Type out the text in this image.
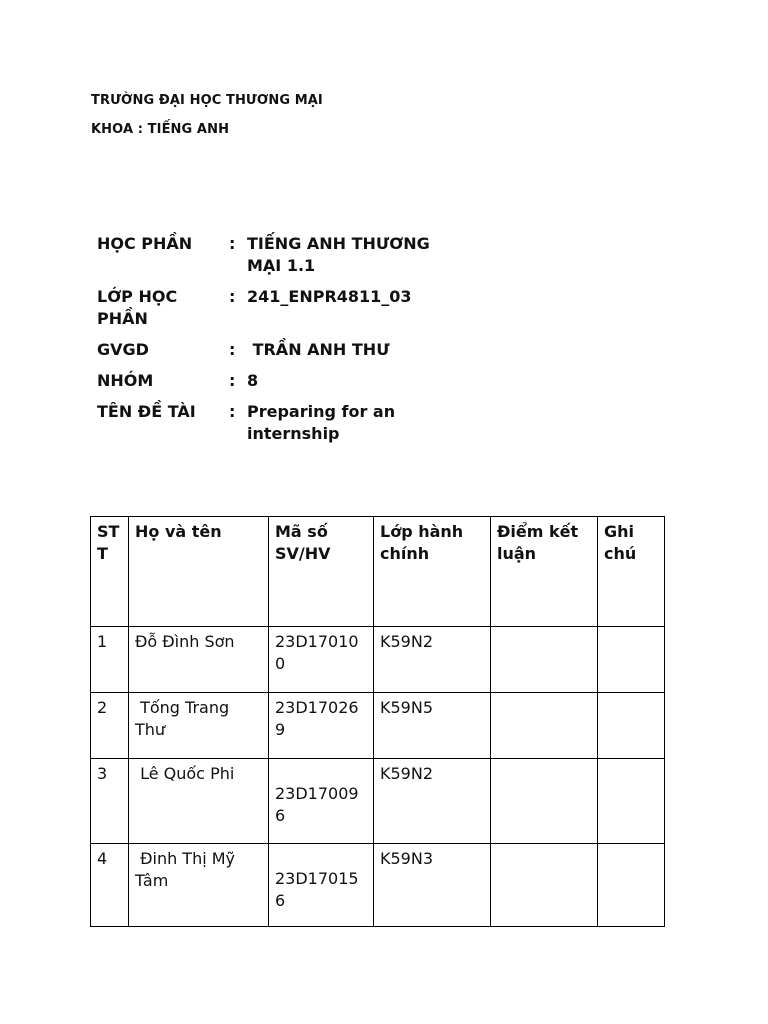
TRƯỜNG ĐẠI HỌC THƯƠNG MẠI
KHOA : TIẾNG ANH
HỌC PHẦN	: TIẾNG ANH THƯƠNG MẠI 1.1
LỚP HỌC PHẦN
: 241_ENPR4811_03
GVGD	: TRẦN ANH THƯ
NHÓM	: 8
TÊN ĐỀ TÀI	: Preparing for an internship
STT	Họ và tên	Mã số SV/HV	Lớp hành chính	Điểm kết luận	Ghi chú
1	Đỗ Đình Sơn	23D170100	K59N2		
2	Tống Trang Thư	23D170269	K59N5		
3	Lê Quốc Phi	23D170096	K59N2		
4	Đinh Thị Mỹ Tâm	23D170156	K59N3		
